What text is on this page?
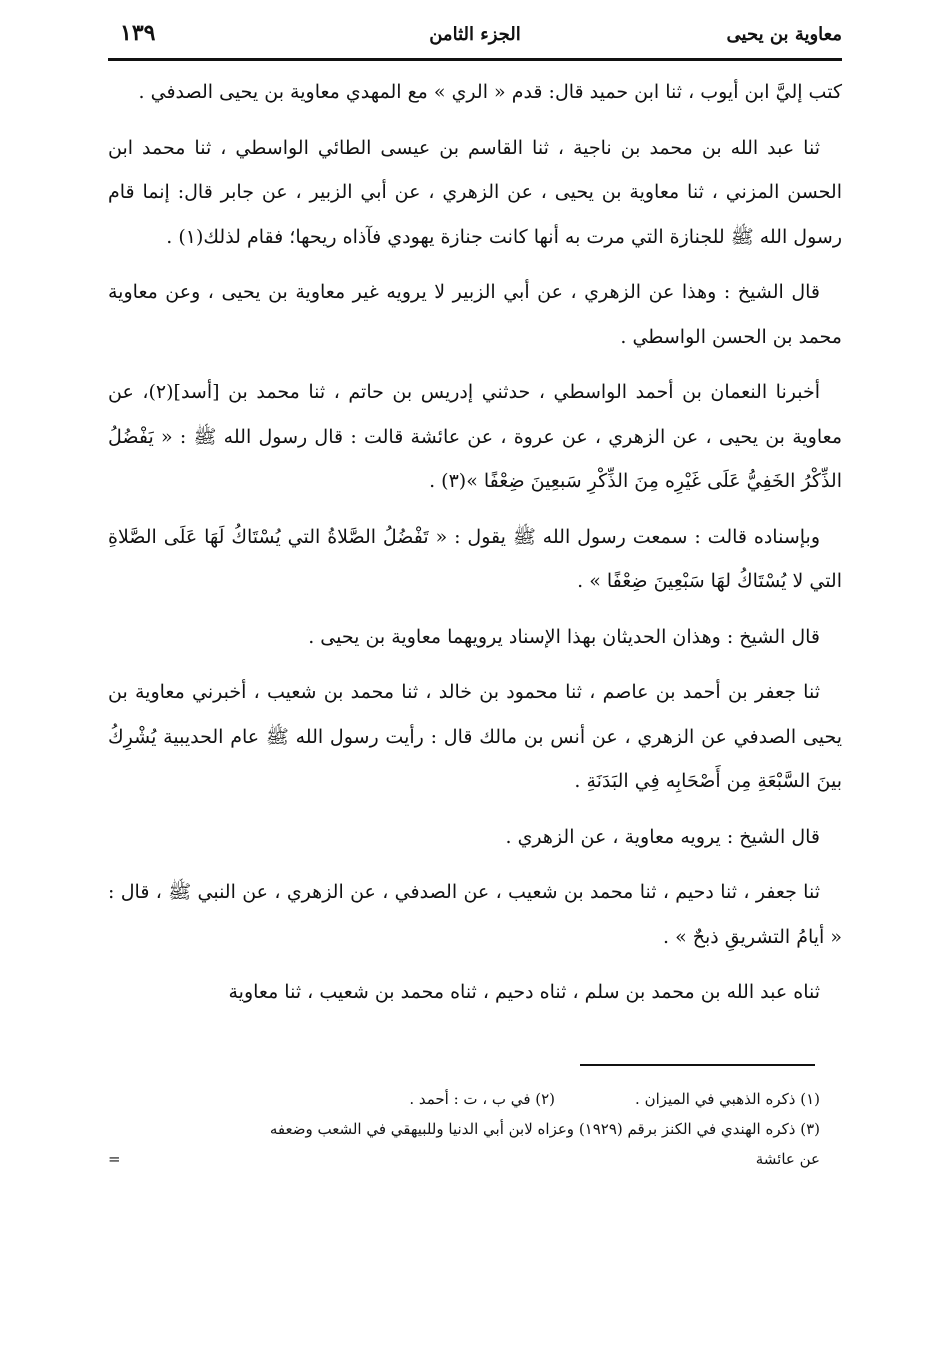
١٣٩	الجزء الثامن	معاوية بن يحيى

كتب إليَّ ابن أيوب ، ثنا ابن حميد قال: قدم « الري » مع المهدي معاوية بن يحيى الصدفي .

ثنا عبد الله بن محمد بن ناجية ، ثنا القاسم بن عيسى الطائي الواسطي ، ثنا محمد ابن الحسن المزني ، ثنا معاوية بن يحيى ، عن الزهري ، عن أبي الزبير ، عن جابر قال: إنما قام رسول الله ﷺ للجنازة التي مرت به أنها كانت جنازة يهودي فآذاه ريحها؛ فقام لذلك(١) .

قال الشيخ : وهذا عن الزهري ، عن أبي الزبير لا يرويه غير معاوية بن يحيى ، وعن معاوية محمد بن الحسن الواسطي .

أخبرنا النعمان بن أحمد الواسطي ، حدثني إدريس بن حاتم ، ثنا محمد بن [أسد](٢)، عن معاوية بن يحيى ، عن الزهري ، عن عروة ، عن عائشة قالت : قال رسول الله ﷺ : « يَفْضُلُ الذِّكْرُ الخَفِيُّ عَلَى غَيْرِه مِنَ الذِّكْرِ سَبعِينَ ضِعْفًا »(٣) .

وبإسناده قالت : سمعت رسول الله ﷺ يقول : « تَفْضُلُ الصَّلاةُ التي يُسْتَاكُ لَهَا عَلَى الصَّلاةِ التي لا يُسْتَاكُ لهَا سَبْعِينَ ضِعْفًا » .

قال الشيخ : وهذان الحديثان بهذا الإسناد يرويهما معاوية بن يحيى .

ثنا جعفر بن أحمد بن عاصم ، ثنا محمود بن خالد ، ثنا محمد بن شعيب ، أخبرني معاوية بن يحيى الصدفي عن الزهري ، عن أنس بن مالك قال : رأيت رسول الله ﷺ عام الحديبية يُشْرِكُ بينَ السَّبْعَةِ مِن أَصْحَابِه فِي البَدَنَةِ .

قال الشيخ : يرويه معاوية ، عن الزهري .

ثنا جعفر ، ثنا دحيم ، ثنا محمد بن شعيب ، عن الصدفي ، عن الزهري ، عن النبي ﷺ ، قال : « أيامُ التشريقِ ذبحٌ » .

ثناه عبد الله بن محمد بن سلم ، ثناه دحيم ، ثناه محمد بن شعيب ، ثنا معاوية

(١) ذكره الذهبي في الميزان .
(٢) في ب ، ت : أحمد .
(٣) ذكره الهندي في الكنز برقم (١٩٢٩) وعزاه لابن أبي الدنيا وللبيهقي في الشعب وضعفه
عن عائشة
=
